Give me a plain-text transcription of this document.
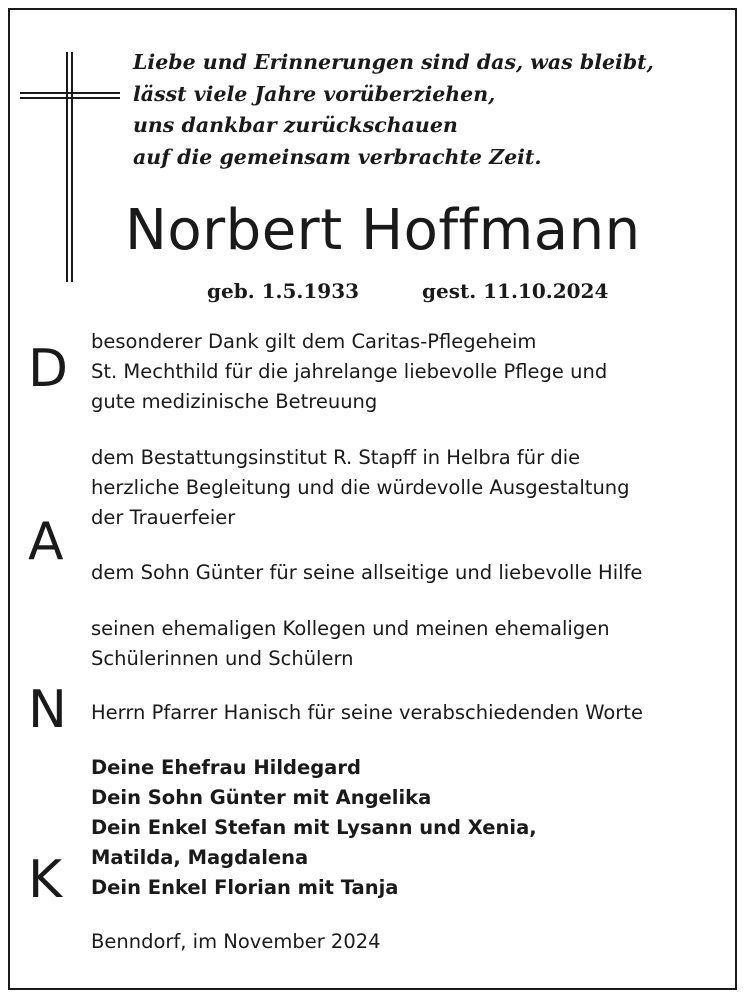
Liebe und Erinnerungen sind das, was bleibt,
lässt viele Jahre vorüberziehen,
uns dankbar zurückschauen
auf die gemeinsam verbrachte Zeit.
Norbert Hoffmann
geb. 1.5.1933	gest. 11.10.2024
D
A
N
K
besonderer Dank gilt dem Caritas-Pflegeheim
St. Mechthild für die jahrelange liebevolle Pflege und
gute medizinische Betreuung
dem Bestattungsinstitut R. Stapff in Helbra für die
herzliche Begleitung und die würdevolle Ausgestaltung
der Trauerfeier
dem Sohn Günter für seine allseitige und liebevolle Hilfe
seinen ehemaligen Kollegen und meinen ehemaligen
Schülerinnen und Schülern
Herrn Pfarrer Hanisch für seine verabschiedenden Worte
Deine Ehefrau Hildegard
Dein Sohn Günter mit Angelika
Dein Enkel Stefan mit Lysann und Xenia,
Matilda, Magdalena
Dein Enkel Florian mit Tanja
Benndorf, im November 2024
